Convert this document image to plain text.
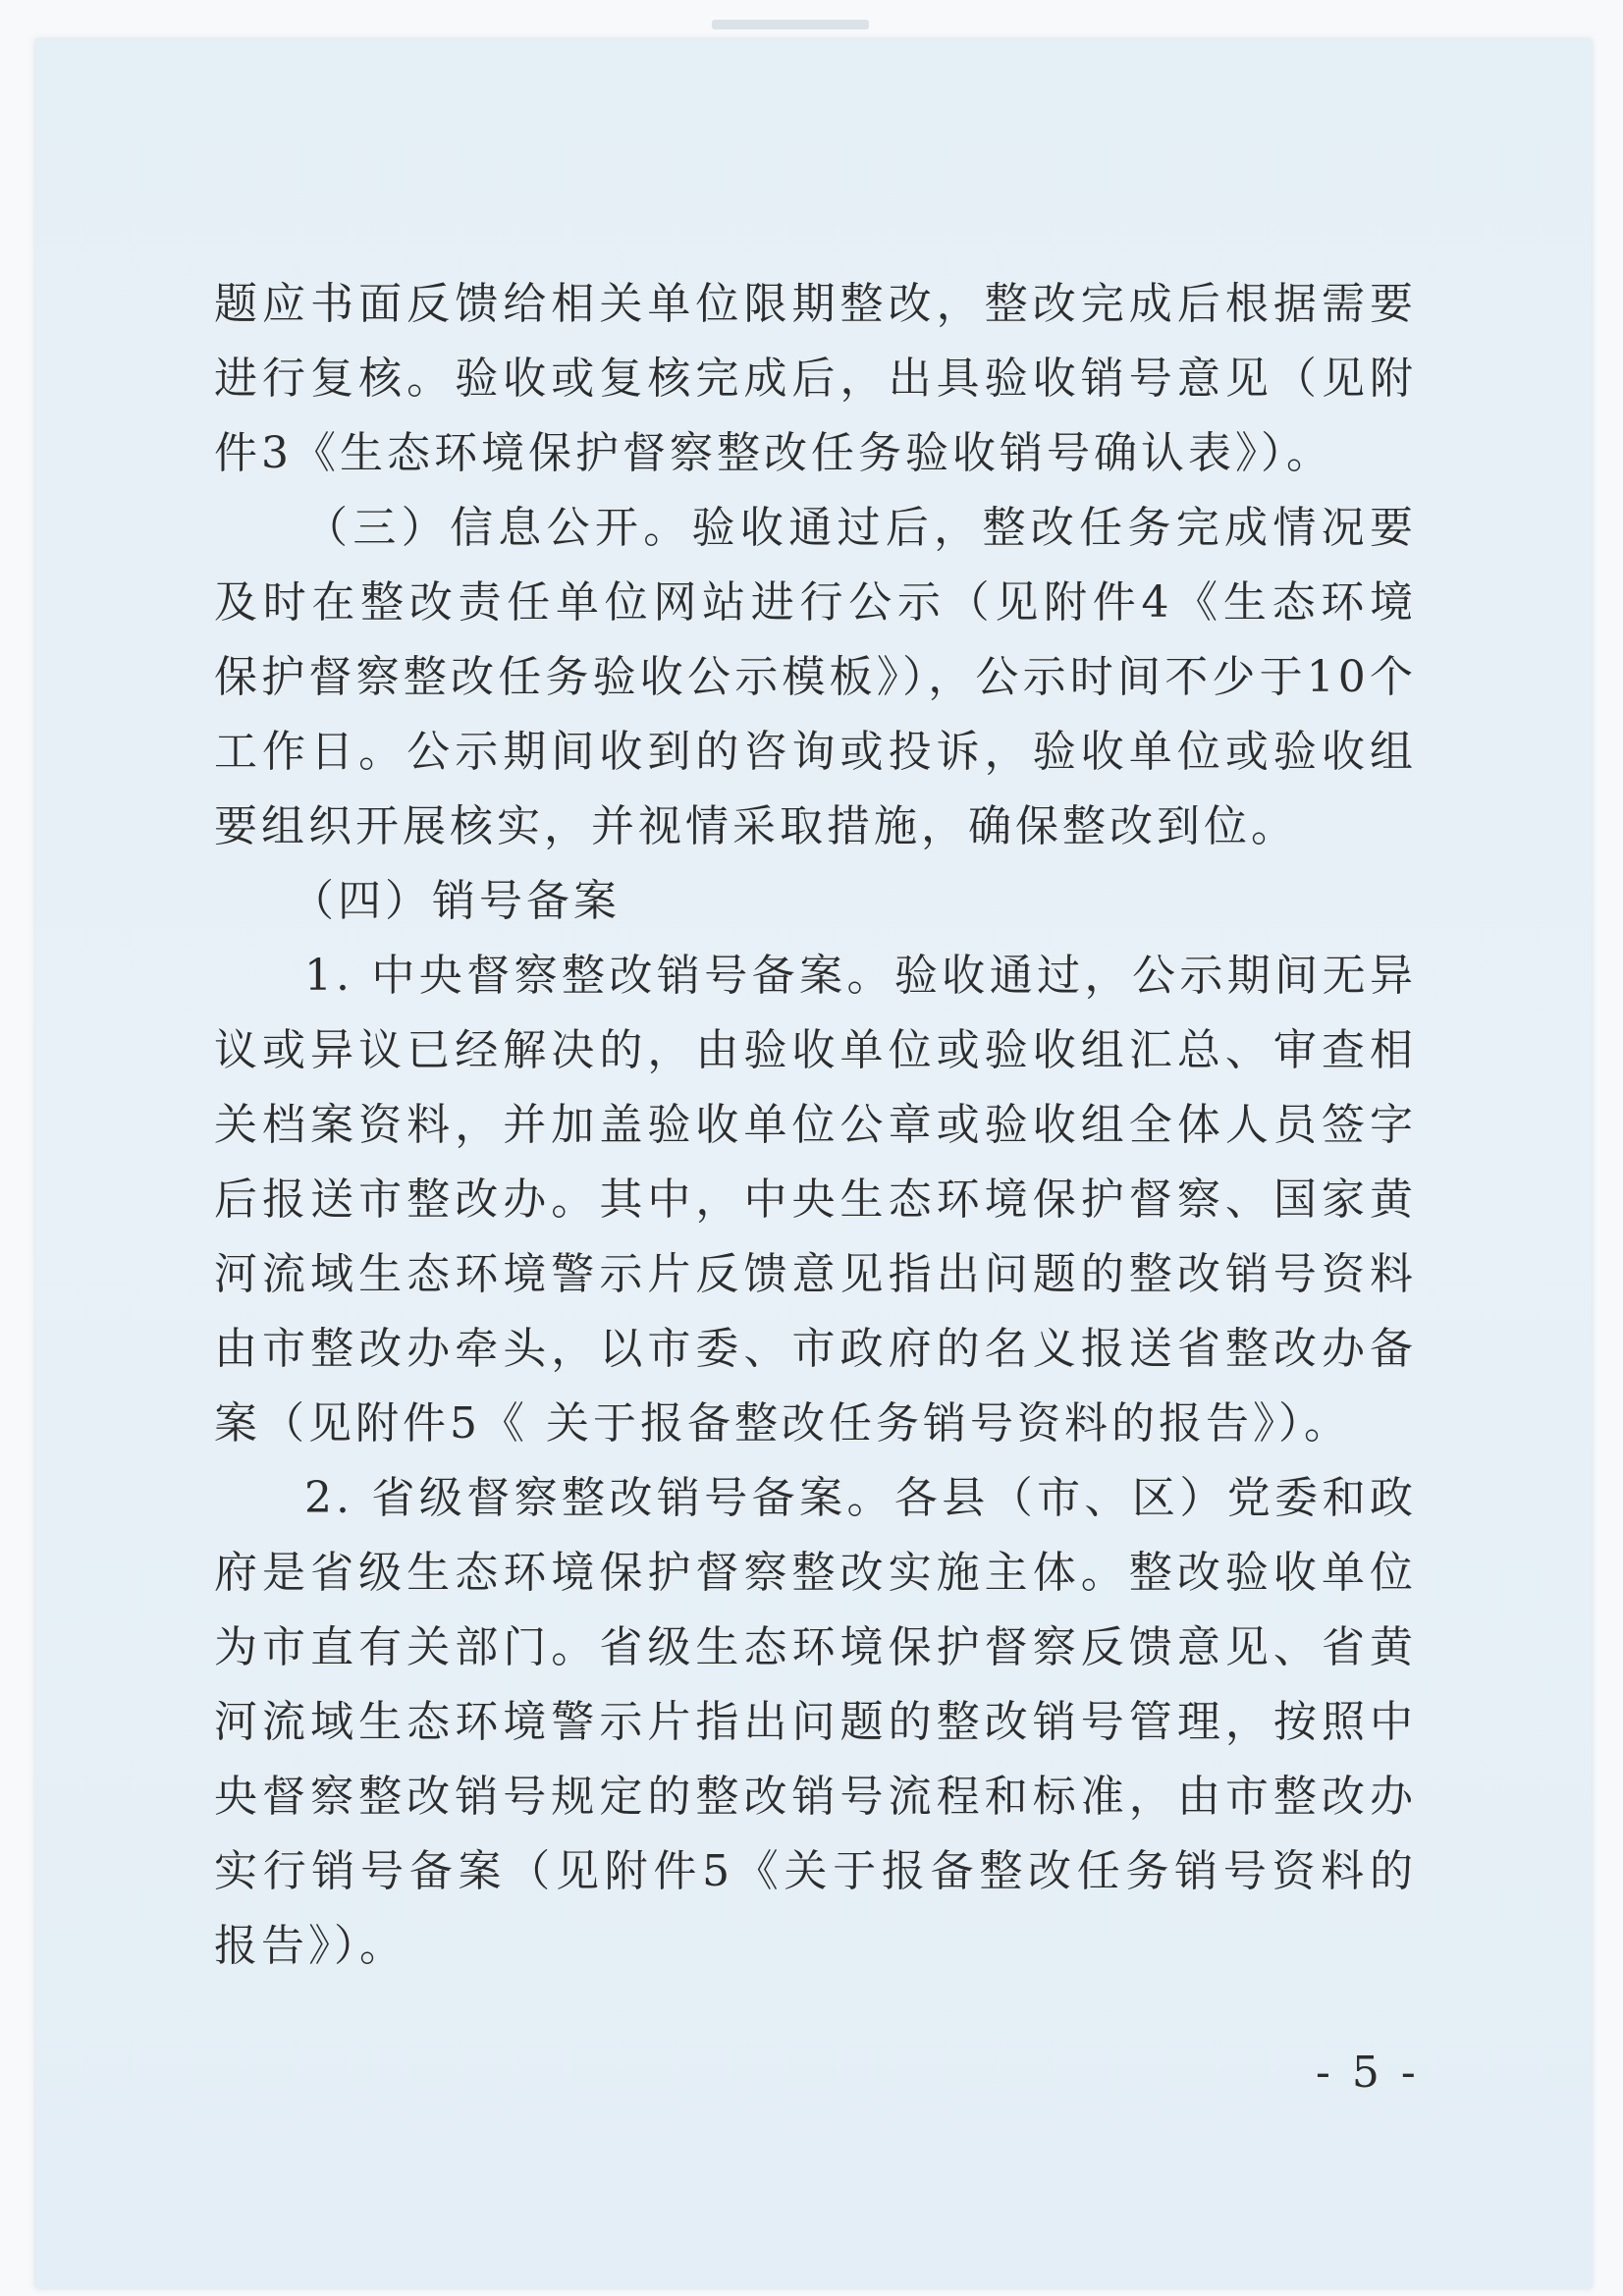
题应书面反馈给相关单位限期整改，整改完成后根据需要进行复核。验收或复核完成后，出具验收销号意见（见附件3《生态环境保护督察整改任务验收销号确认表》）。

（三）信息公开。验收通过后，整改任务完成情况要及时在整改责任单位网站进行公示（见附件4《生态环境保护督察整改任务验收公示模板》），公示时间不少于10个工作日。公示期间收到的咨询或投诉，验收单位或验收组要组织开展核实，并视情采取措施，确保整改到位。

（四）销号备案

1. 中央督察整改销号备案。验收通过，公示期间无异议或异议已经解决的，由验收单位或验收组汇总、审查相关档案资料，并加盖验收单位公章或验收组全体人员签字后报送市整改办。其中，中央生态环境保护督察、国家黄河流域生态环境警示片反馈意见指出问题的整改销号资料由市整改办牵头，以市委、市政府的名义报送省整改办备案（见附件5《 关于报备整改任务销号资料的报告》）。

2. 省级督察整改销号备案。各县（市、区）党委和政府是省级生态环境保护督察整改实施主体。整改验收单位为市直有关部门。省级生态环境保护督察反馈意见、省黄河流域生态环境警示片指出问题的整改销号管理，按照中央督察整改销号规定的整改销号流程和标准，由市整改办实行销号备案（见附件5《关于报备整改任务销号资料的报告》）。

- 5 -
